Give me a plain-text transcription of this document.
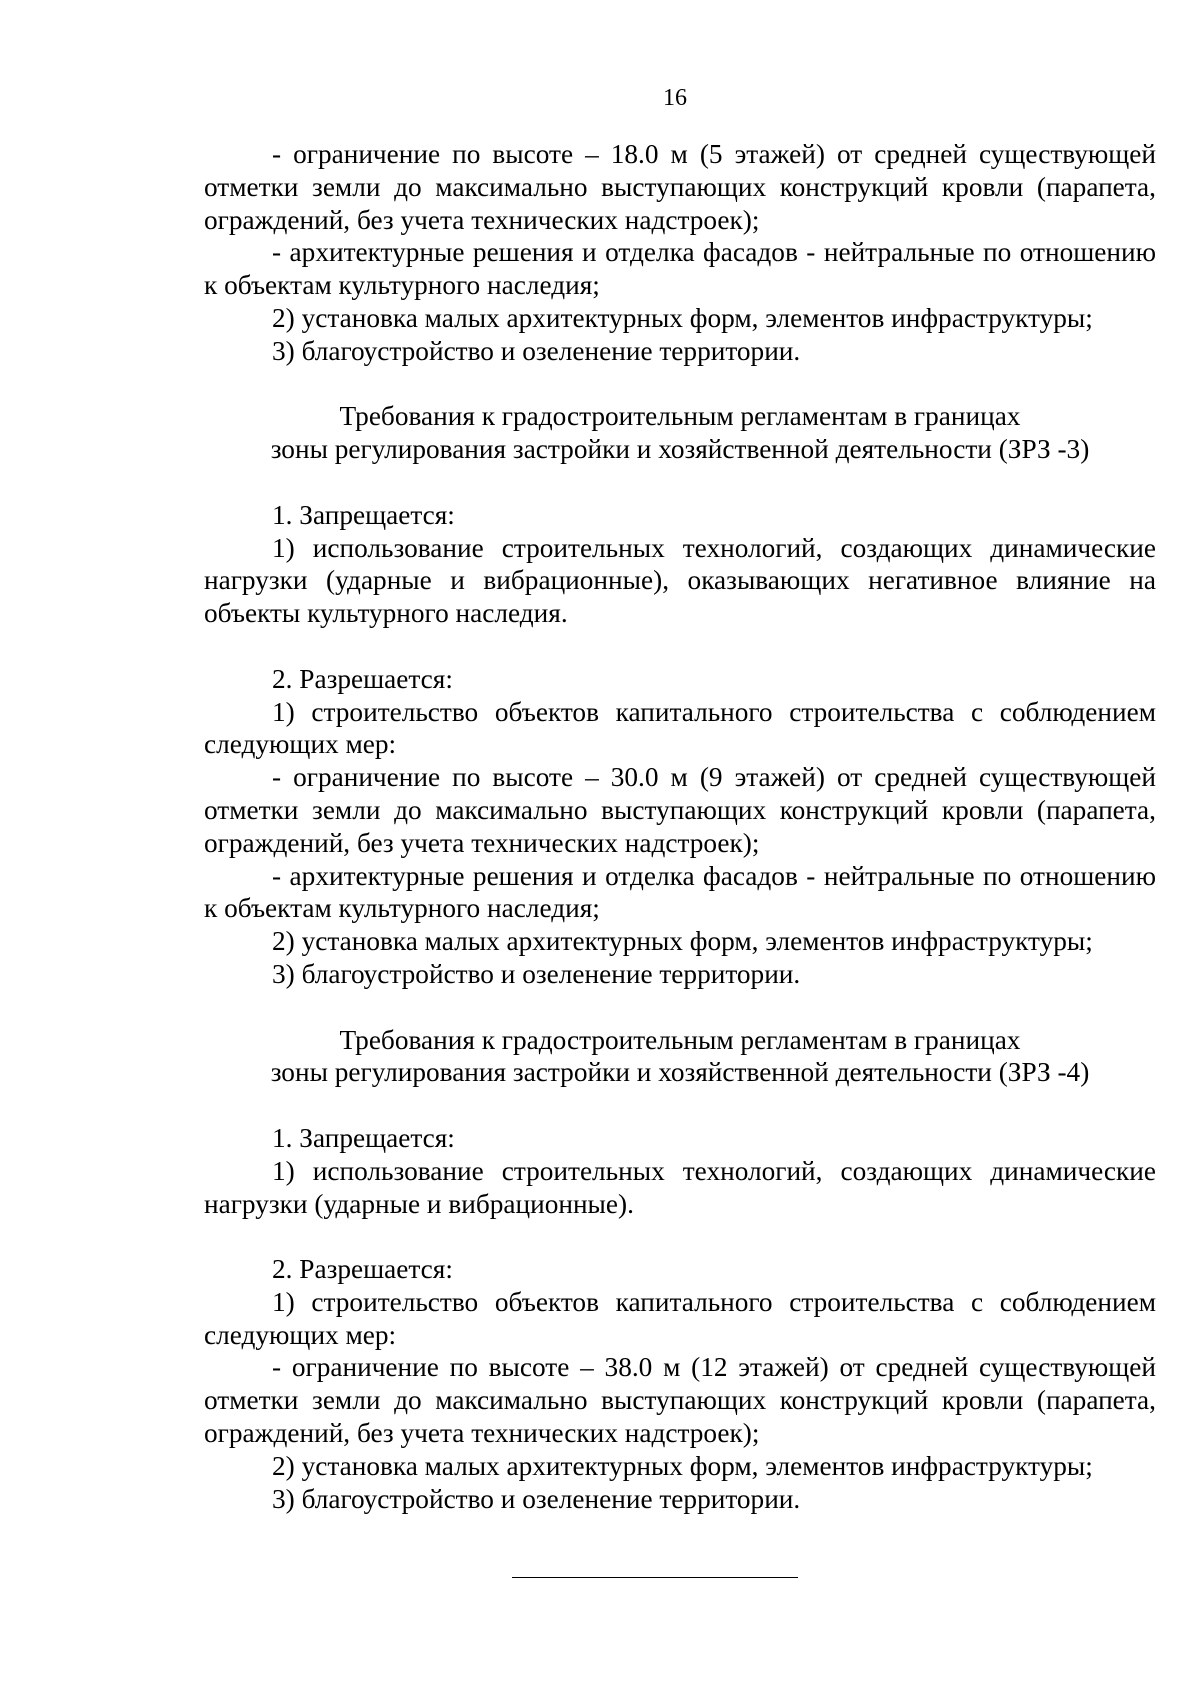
16

- ограничение по высоте – 18.0 м (5 этажей) от средней существующей отметки земли до максимально выступающих конструкций кровли (парапета, ограждений, без учета технических надстроек);

- архитектурные решения и отделка фасадов - нейтральные по отношению к объектам культурного наследия;

2) установка малых архитектурных форм, элементов инфраструктуры;

3) благоустройство и озеленение территории.

Требования к градостроительным регламентам в границах
зоны регулирования застройки и хозяйственной деятельности (ЗРЗ -3)

1. Запрещается:

1) использование строительных технологий, создающих динамические нагрузки (ударные и вибрационные), оказывающих негативное влияние на объекты культурного наследия.

2. Разрешается:

1) строительство объектов капитального строительства с соблюдением следующих мер:

- ограничение по высоте – 30.0 м (9 этажей) от средней существующей отметки земли до максимально выступающих конструкций кровли (парапета, ограждений, без учета технических надстроек);

- архитектурные решения и отделка фасадов - нейтральные по отношению к объектам культурного наследия;

2) установка малых архитектурных форм, элементов инфраструктуры;

3) благоустройство и озеленение территории.

Требования к градостроительным регламентам в границах
зоны регулирования застройки и хозяйственной деятельности (ЗРЗ -4)

1. Запрещается:

1) использование строительных технологий, создающих динамические нагрузки (ударные и вибрационные).

2. Разрешается:

1) строительство объектов капитального строительства с соблюдением следующих мер:

- ограничение по высоте – 38.0 м (12 этажей) от средней существующей отметки земли до максимально выступающих конструкций кровли (парапета, ограждений, без учета технических надстроек);

2) установка малых архитектурных форм, элементов инфраструктуры;

3) благоустройство и озеленение территории.
